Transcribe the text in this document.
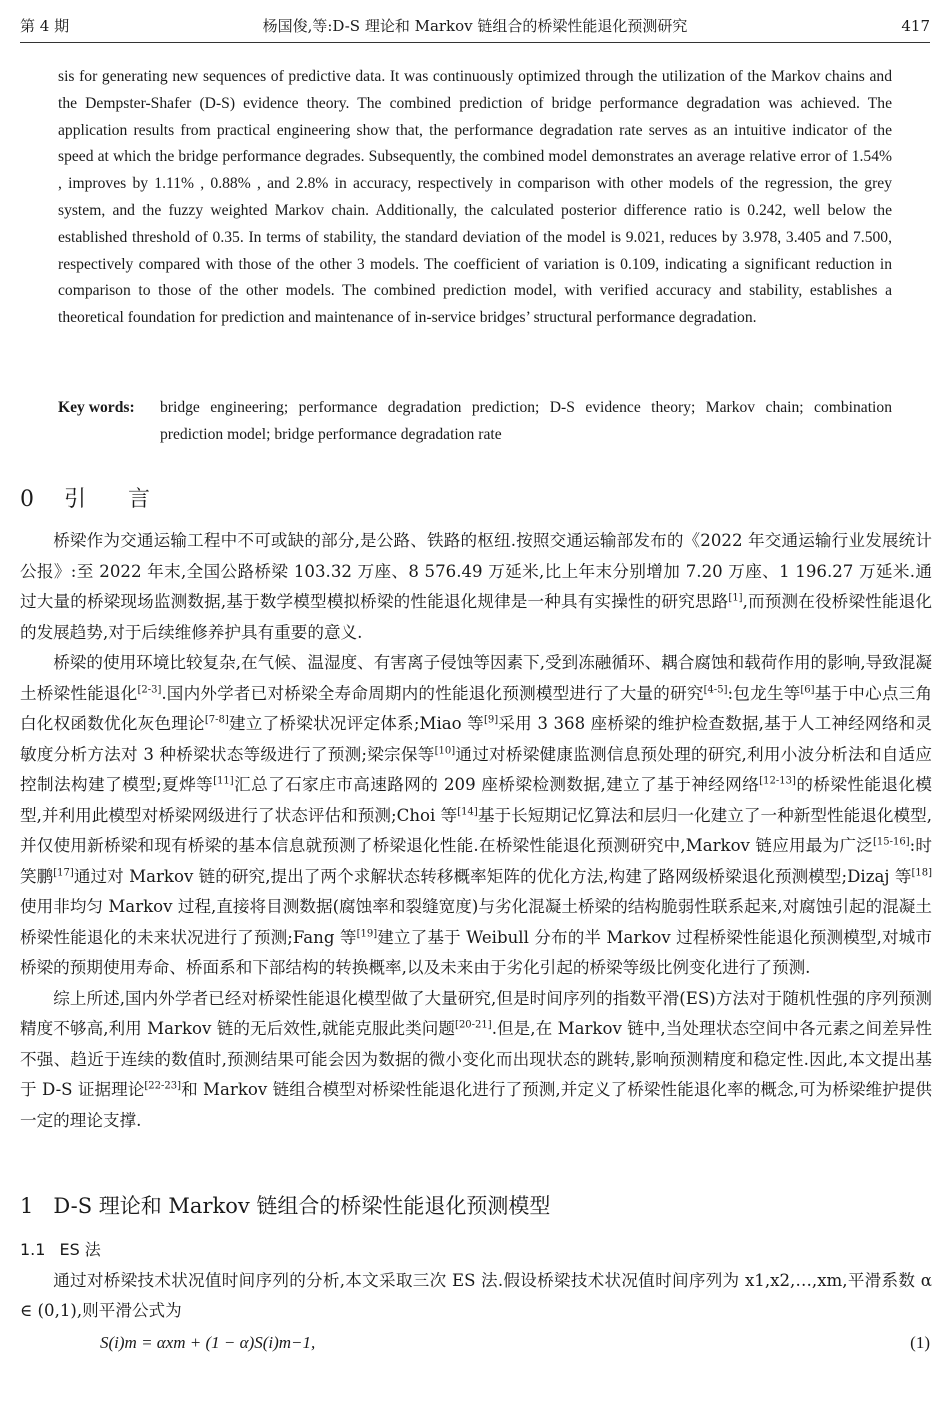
第 4 期	杨国俊,等:D-S 理论和 Markov 链组合的桥梁性能退化预测研究	417
sis for generating new sequences of predictive data. It was continuously optimized through the utilization of the Markov chains and the Dempster-Shafer (D-S) evidence theory. The combined prediction of bridge performance degradation was achieved. The application results from practical engineering show that, the performance degradation rate serves as an intuitive indicator of the speed at which the bridge performance degrades. Subsequently, the combined model demonstrates an average relative error of 1.54% , improves by 1.11% , 0.88% , and 2.8% in accuracy, respectively in comparison with other models of the regression, the grey system, and the fuzzy weighted Markov chain. Additionally, the calculated posterior difference ratio is 0.242, well below the established threshold of 0.35. In terms of stability, the standard deviation of the model is 9.021, reduces by 3.978, 3.405 and 7.500, respectively compared with those of the other 3 models. The coefficient of variation is 0.109, indicating a significant reduction in comparison to those of the other models. The combined prediction model, with verified accuracy and stability, establishes a theoretical foundation for prediction and maintenance of in-service bridges’ structural performance degradation.
Key words: bridge engineering; performance degradation prediction; D-S evidence theory; Markov chain; combination prediction model; bridge performance degradation rate
0 引言

桥梁作为交通运输工程中不可或缺的部分,是公路、铁路的枢纽.按照交通运输部发布的《2022 年交通运输行业发展统计公报》:至 2022 年末,全国公路桥梁 103.32 万座、8 576.49 万延米,比上年末分别增加 7.20 万座、1 196.27 万延米.通过大量的桥梁现场监测数据,基于数学模型模拟桥梁的性能退化规律是一种具有实操性的研究思路[1],而预测在役桥梁性能退化的发展趋势,对于后续维修养护具有重要的意义.

桥梁的使用环境比较复杂,在气候、温湿度、有害离子侵蚀等因素下,受到冻融循环、耦合腐蚀和载荷作用的影响,导致混凝土桥梁性能退化[2-3].国内外学者已对桥梁全寿命周期内的性能退化预测模型进行了大量的研究[4-5]:包龙生等[6]基于中心点三角白化权函数优化灰色理论[7-8]建立了桥梁状况评定体系;Miao 等[9]采用 3 368 座桥梁的维护检查数据,基于人工神经网络和灵敏度分析方法对 3 种桥梁状态等级进行了预测;梁宗保等[10]通过对桥梁健康监测信息预处理的研究,利用小波分析法和自适应控制法构建了模型;夏烨等[11]汇总了石家庄市高速路网的 209 座桥梁检测数据,建立了基于神经网络[12-13]的桥梁性能退化模型,并利用此模型对桥梁网级进行了状态评估和预测;Choi 等[14]基于长短期记忆算法和层归一化建立了一种新型性能退化模型,并仅使用新桥梁和现有桥梁的基本信息就预测了桥梁退化性能.在桥梁性能退化预测研究中,Markov 链应用最为广泛[15-16]:时笑鹏[17]通过对 Markov 链的研究,提出了两个求解状态转移概率矩阵的优化方法,构建了路网级桥梁退化预测模型;Dizaj 等[18]使用非均匀 Markov 过程,直接将目测数据(腐蚀率和裂缝宽度)与劣化混凝土桥梁的结构脆弱性联系起来,对腐蚀引起的混凝土桥梁性能退化的未来状况进行了预测;Fang 等[19]建立了基于 Weibull 分布的半 Markov 过程桥梁性能退化预测模型,对城市桥梁的预期使用寿命、桥面系和下部结构的转换概率,以及未来由于劣化引起的桥梁等级比例变化进行了预测.

综上所述,国内外学者已经对桥梁性能退化模型做了大量研究,但是时间序列的指数平滑(ES)方法对于随机性强的序列预测精度不够高,利用 Markov 链的无后效性,就能克服此类问题[20-21].但是,在 Markov 链中,当处理状态空间中各元素之间差异性不强、趋近于连续的数值时,预测结果可能会因为数据的微小变化而出现状态的跳转,影响预测精度和稳定性.因此,本文提出基于 D-S 证据理论[22-23]和 Markov 链组合模型对桥梁性能退化进行了预测,并定义了桥梁性能退化率的概念,可为桥梁维护提供一定的理论支撑.

1 D-S 理论和 Markov 链组合的桥梁性能退化预测模型
1.1 ES 法

通过对桥梁技术状况值时间序列的分析,本文采取三次 ES 法.假设桥梁技术状况值时间序列为 x1,x2,…,xm,平滑系数 α ∈ (0,1),则平滑公式为

S(i)m = αxm + (1 − α)S(i)m−1,	(1)
